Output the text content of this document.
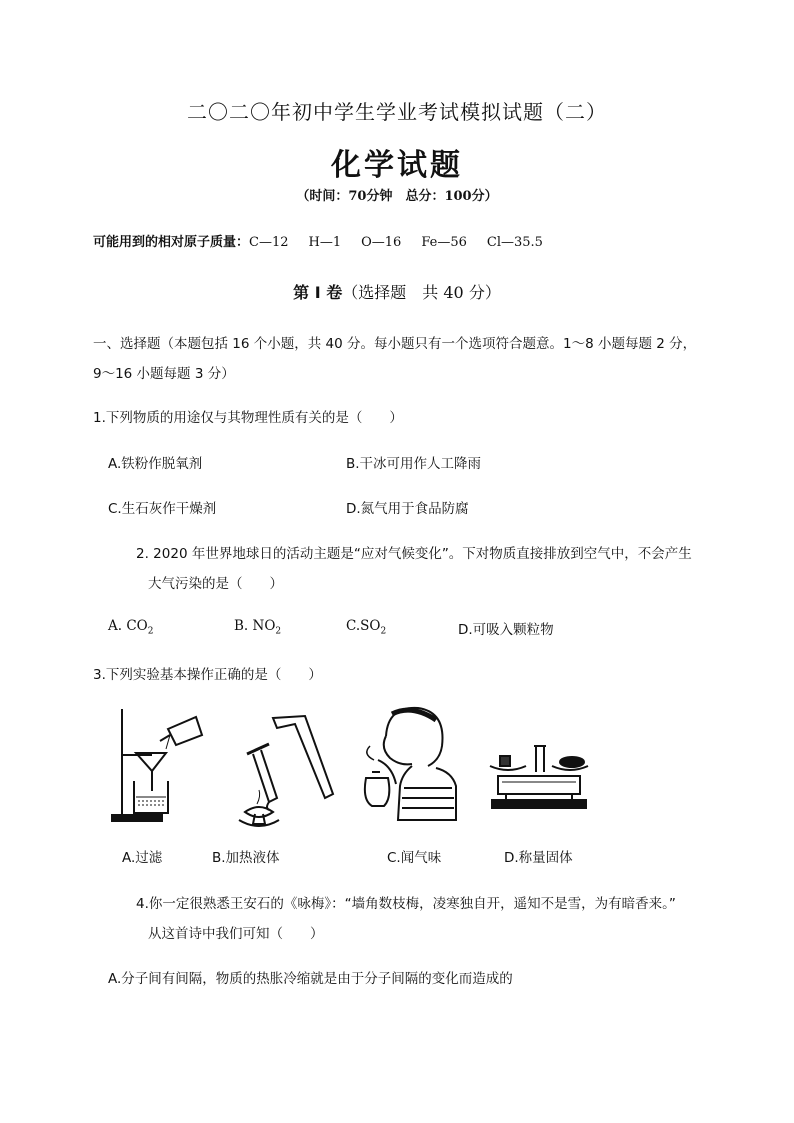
二〇二〇年初中学生学业考试模拟试题（二）
化学试题
（时间：70分钟　总分：100分）
可能用到的相对原子质量：C—12 H—1 O—16 Fe—56 Cl—35.5
第 I 卷（选择题　共 40 分）
一、选择题（本题包括 16 个小题，共 40 分。每小题只有一个选项符合题意。1～8 小题每题 2 分，
9～16 小题每题 3 分）
1.下列物质的用途仅与其物理性质有关的是（　　）
A.铁粉作脱氧剂	B.干冰可用作人工降雨
C.生石灰作干燥剂	D.氮气用于食品防腐
2. 2020 年世界地球日的活动主题是“应对气候变化”。下对物质直接排放到空气中，不会产生
大气污染的是（　　）
A. $CO_2$	B. $NO_2$	$C.SO_2$	D.可吸入颗粒物
3.下列实验基本操作正确的是（　　）
A.过滤	B.加热液体	C.闻气味	D.称量固体
4.你一定很熟悉王安石的《咏梅》：“墙角数枝梅，凌寒独自开，遥知不是雪，为有暗香来。”
从这首诗中我们可知（　　）
A.分子间有间隔，物质的热胀冷缩就是由于分子间隔的变化而造成的
